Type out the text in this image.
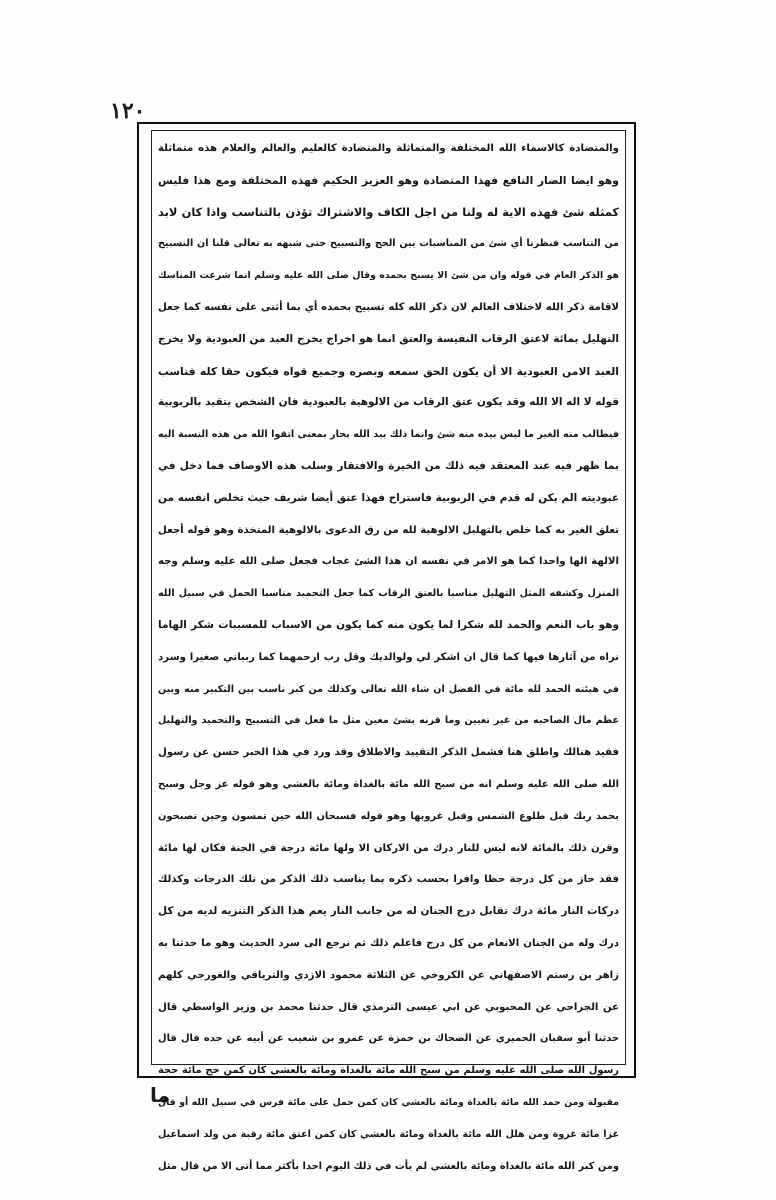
١٢٠
والمتضادة كالاسماء الله المختلفة والمتماثلة والمتضادة كالعليم والعالم والعلام هذه متماثلة
وهو ايضا الضار النافع فهذا المتضادة وهو العزيز الحكيم فهذه المختلفة ومع هذا فليس
كمثله شئ فهذه الاية له ولنا من اجل الكاف والاشتراك تؤذن بالتناسب واذا كان لابد
من التناسب فنظرنا أي شئ من المناسبات بين الحج والتسبيح حتى شبهه به تعالى قلنا ان التسبيح
هو الذكر العام في قوله وان من شئ الا يسبح بحمده وقال صلى الله عليه وسلم انما شرعت المناسك
لاقامة ذكر الله لاختلاف العالم لان ذكر الله كله تسبيح بحمده أي بما أثنى على نفسه كما جعل
التهليل بمائة لاعتق الرقاب النفيسة والعتق انما هو اخراج يخرج العبد من العبودية ولا يخرج
العبد الامن العبودية الا أن يكون الحق سمعه وبصره وجميع قواه فيكون حقا كله فناسب
قوله لا اله الا الله وقد يكون عتق الرقاب من الالوهية بالعبودية فان الشخص يتقيد بالربوبية
فيطالب منه الغير ما ليس بيده منه شئ وانما ذلك بيد الله بحار بمعنى اتقوا الله من هذه النسبة اليه
بما ظهر فيه عند المعتقد فيه ذلك من الخيرة والافتقار وسلب هذه الاوصاف فما دخل في
عبوديته الم يكن له قدم في الربوبية فاستراح فهذا عتق أيضا شريف حيث تخلص انفسه من
تعلق الغير به كما خلص بالتهليل الالوهية لله من رق الدعوى بالالوهية المتخذة وهو قوله أجعل
الالهة الها واحدا كما هو الامر في نفسه ان هذا الشئ عجاب فجعل صلى الله عليه وسلم وجه
المنزل وكشفه المثل التهليل مناسبا بالعتق الرقاب كما جعل التحميد مناسبا الحمل في سبيل الله
وهو باب النعم والحمد لله شكرا لما يكون منه كما يكون من الاسباب للمسببات شكر الهاما
نراه من آثارها فيها كما قال ان اشكر لي ولوالديك وقل رب ارحمهما كما ربياني صغيرا وسرد
في هيئته الحمد لله مائة في الفضل ان شاء الله تعالى وكذلك من كبر ناسب بين التكبير منه وبين
عظم مال الصاحبه من غير تعيين وما قرنه بشئ معين مثل ما فعل في التسبيح والتحميد والتهليل
فقيد هنالك واطلق هنا فشمل الذكر التقييد والاطلاق وقد ورد في هذا الخبر حسن عن رسول
الله صلى الله عليه وسلم انه من سبح الله مائة بالغداة ومائة بالعشي وهو قوله عز وجل وسبح
بحمد ربك قبل طلوع الشمس وقبل غروبها وهو قوله فسبحان الله حين تمسون وحين تصبحون
وقرن ذلك بالمائة لانه ليس للنار درك من الاركان الا ولها مائة درجة في الجنة فكان لها مائة
فقد حاز من كل درجة حظا وافرا بحسب ذكره بما يناسب ذلك الذكر من تلك الدرجات وكذلك
دركات النار مائة درك تقابل درج الجنان له من جانب النار يعم هذا الذكر التنزيه لديه من كل
درك وله من الجنان الانعام من كل درج فاعلم ذلك ثم نرجع الى سرد الحديث وهو ما حدثنا به
زاهر بن رستم الاصفهاني عن الكروخي عن الثلاثة محمود الازدي والترياقي والغورجي كلهم
عن الجراحي عن المحبوبي عن ابي عيسى الترمذي قال حدثنا محمد بن وزير الواسطي قال
حدثنا أبو سفيان الحميري عن الضحاك بن حمزة عن عمرو بن شعيب عن أبيه عن جده قال قال
رسول الله صلى الله عليه وسلم من سبح الله مائة بالغداة ومائة بالعشي كان كمن حج مائة حجة
مقبولة ومن حمد الله مائة بالغداة ومائة بالعشي كان كمن حمل على مائة فرس في سبيل الله أو قال
غزا مائة غزوة ومن هلل الله مائة بالغداة ومائة بالعشي كان كمن اعتق مائة رقبة من ولد اسماعيل
ومن كبر الله مائة بالغداة ومائة بالعشي لم يأت في ذلك اليوم احدا بأكثر مما أتى الا من قال مثل
ما
